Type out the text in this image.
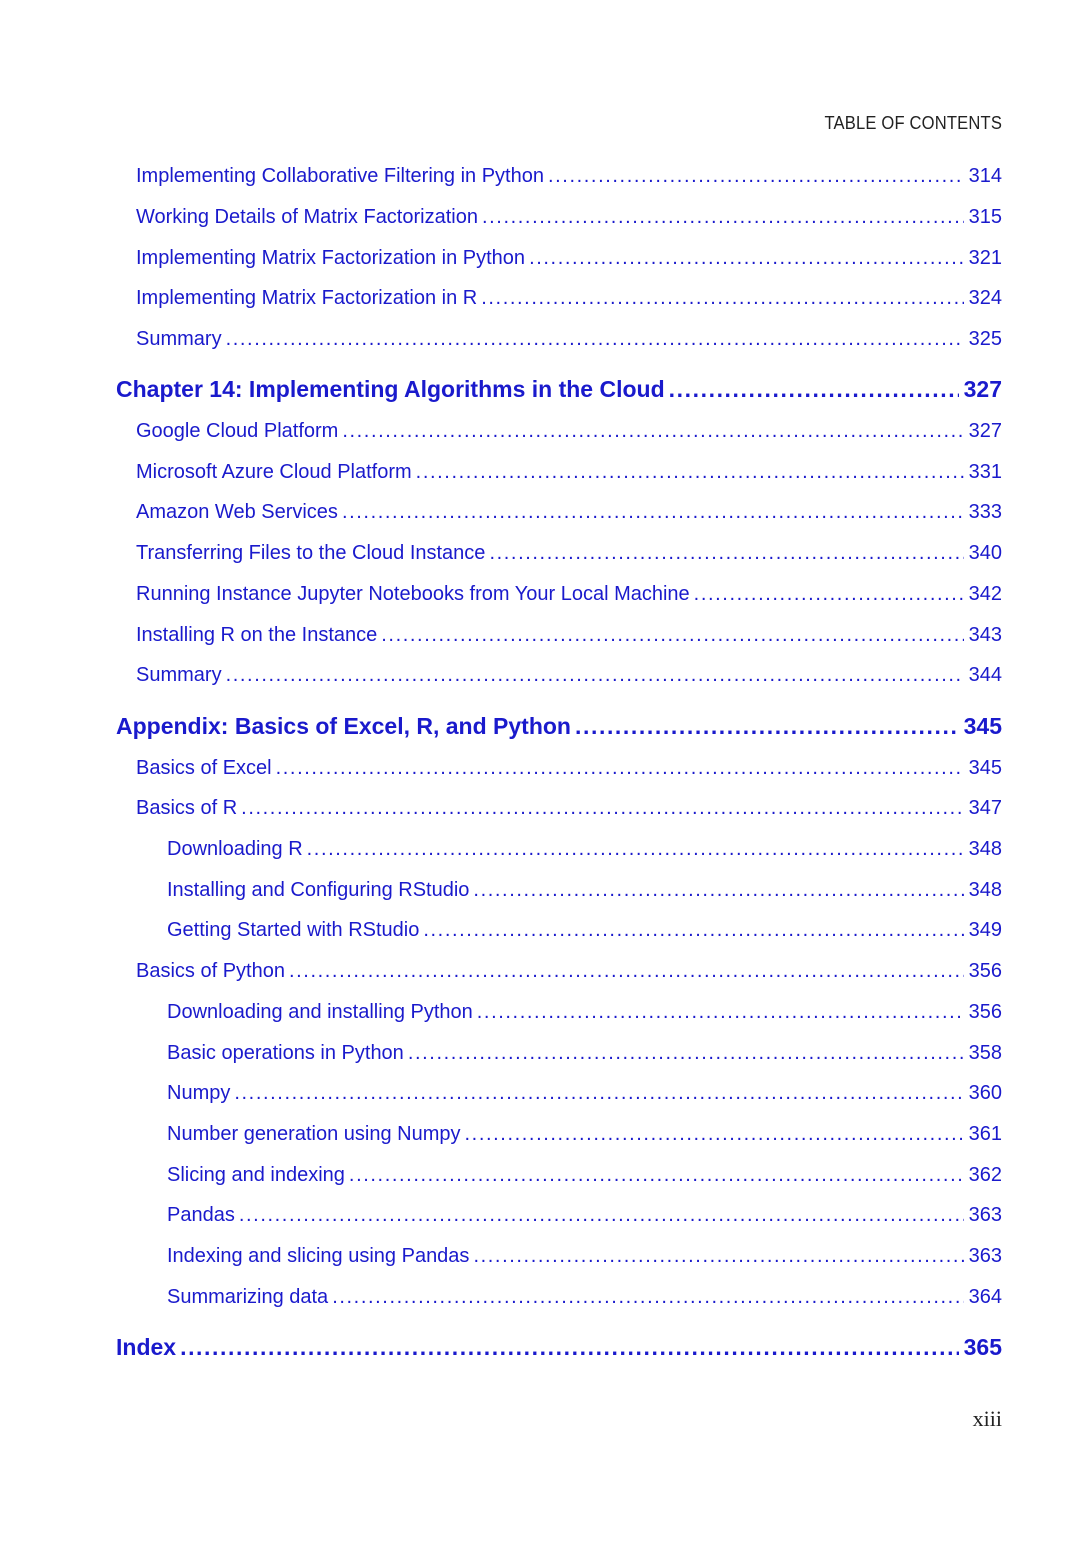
TABLE OF CONTENTS
Implementing Collaborative Filtering in Python .....	314
Working Details of Matrix Factorization .....	315
Implementing Matrix Factorization in Python .....	321
Implementing Matrix Factorization in R .....	324
Summary .....	325
Chapter 14: Implementing Algorithms in the Cloud .....	327
Google Cloud Platform .....	327
Microsoft Azure Cloud Platform .....	331
Amazon Web Services .....	333
Transferring Files to the Cloud Instance .....	340
Running Instance Jupyter Notebooks from Your Local Machine .....	342
Installing R on the Instance .....	343
Summary .....	344
Appendix: Basics of Excel, R, and Python .....	345
Basics of Excel .....	345
Basics of R .....	347
Downloading R .....	348
Installing and Configuring RStudio .....	348
Getting Started with RStudio .....	349
Basics of Python .....	356
Downloading and installing Python .....	356
Basic operations in Python .....	358
Numpy .....	360
Number generation using Numpy .....	361
Slicing and indexing .....	362
Pandas .....	363
Indexing and slicing using Pandas .....	363
Summarizing data .....	364
Index .....	365
xiii
